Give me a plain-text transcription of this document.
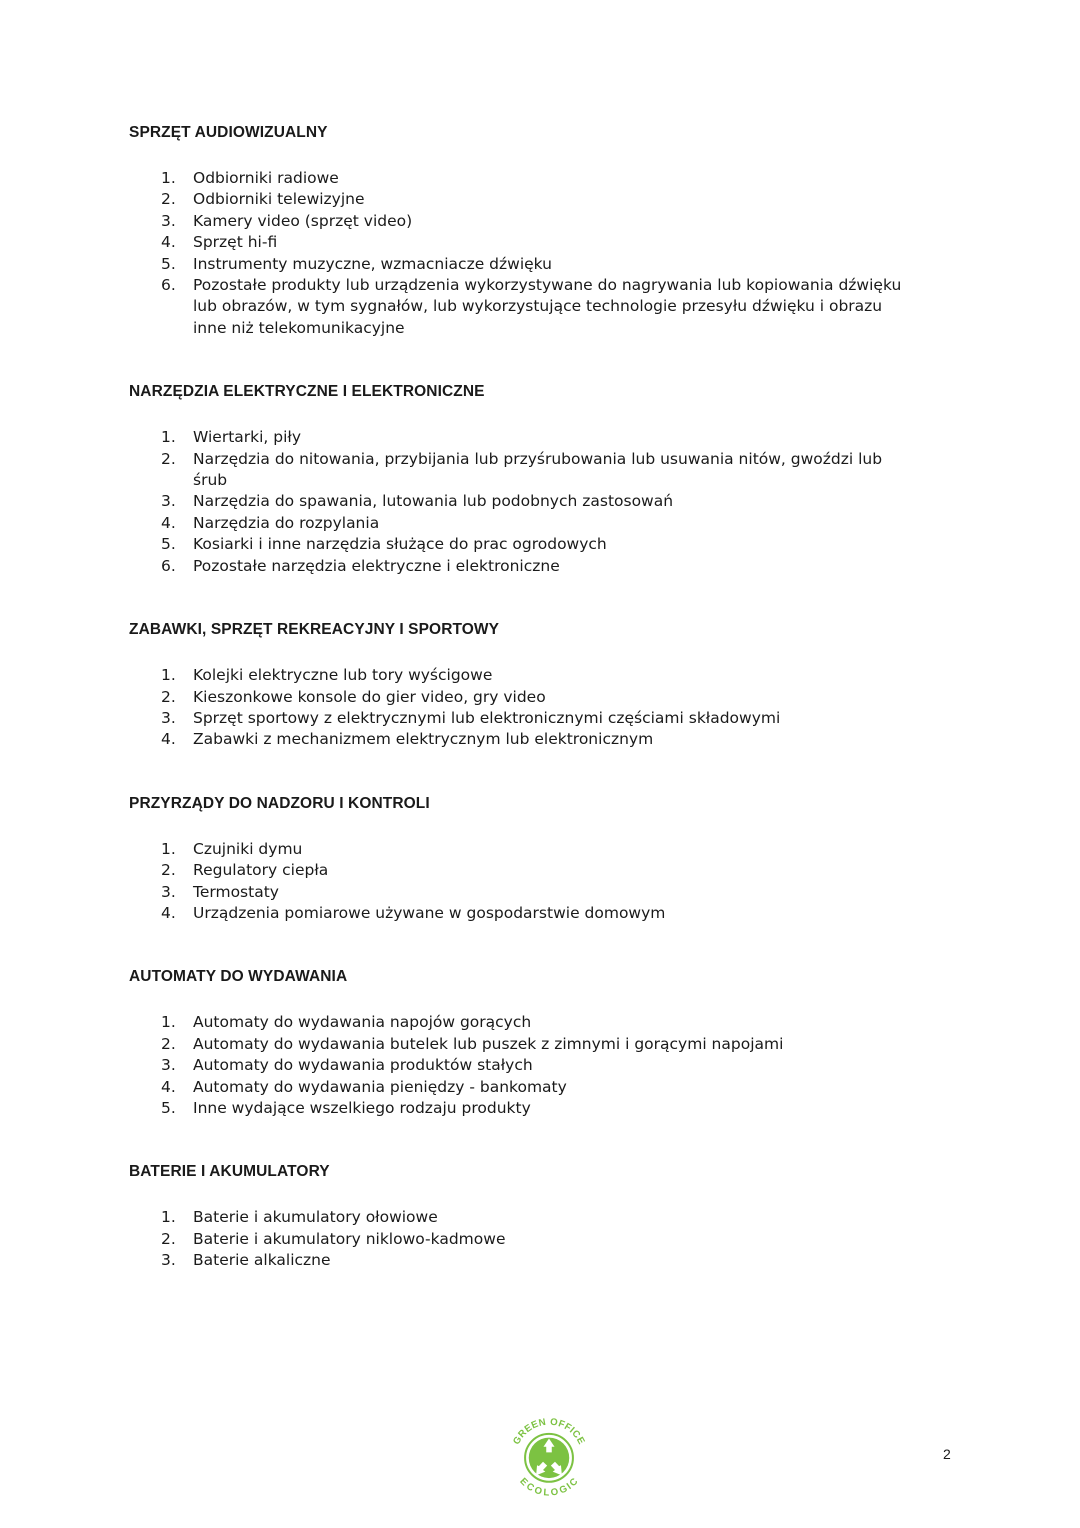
SPRZĘT AUDIOWIZUALNY
1.	Odbiorniki radiowe
2.	Odbiorniki telewizyjne
3.	Kamery video (sprzęt video)
4.	Sprzęt hi-fi
5.	Instrumenty muzyczne, wzmacniacze dźwięku
6.	Pozostałe produkty lub urządzenia wykorzystywane do nagrywania lub kopiowania dźwięku lub obrazów, w tym sygnałów, lub wykorzystujące technologie przesyłu dźwięku i obrazu inne niż telekomunikacyjne
NARZĘDZIA ELEKTRYCZNE I ELEKTRONICZNE
1.	Wiertarki, piły
2.	Narzędzia do nitowania, przybijania lub przyśrubowania lub usuwania nitów, gwoździ lub śrub
3.	Narzędzia do spawania, lutowania lub podobnych zastosowań
4.	Narzędzia do rozpylania
5.	Kosiarki i inne narzędzia służące do prac ogrodowych
6.	Pozostałe narzędzia elektryczne i elektroniczne
ZABAWKI, SPRZĘT REKREACYJNY I SPORTOWY
1.	Kolejki elektryczne lub tory wyścigowe
2.	Kieszonkowe konsole do gier video, gry video
3.	Sprzęt sportowy z elektrycznymi lub elektronicznymi częściami składowymi
4.	Zabawki z mechanizmem elektrycznym lub elektronicznym
PRZYRZĄDY DO NADZORU I KONTROLI
1.	Czujniki dymu
2.	Regulatory ciepła
3.	Termostaty
4.	Urządzenia pomiarowe używane w gospodarstwie domowym
AUTOMATY DO WYDAWANIA
1.	Automaty do wydawania napojów gorących
2.	Automaty do wydawania butelek lub puszek z zimnymi i gorącymi napojami
3.	Automaty do wydawania produktów stałych
4.	Automaty do wydawania pieniędzy - bankomaty
5.	Inne wydające wszelkiego rodzaju produkty
BATERIE I AKUMULATORY
1.	Baterie i akumulatory ołowiowe
2.	Baterie i akumulatory niklowo-kadmowe
3.	Baterie alkaliczne
GREEN OFFICE
ECOLOGIC
2
